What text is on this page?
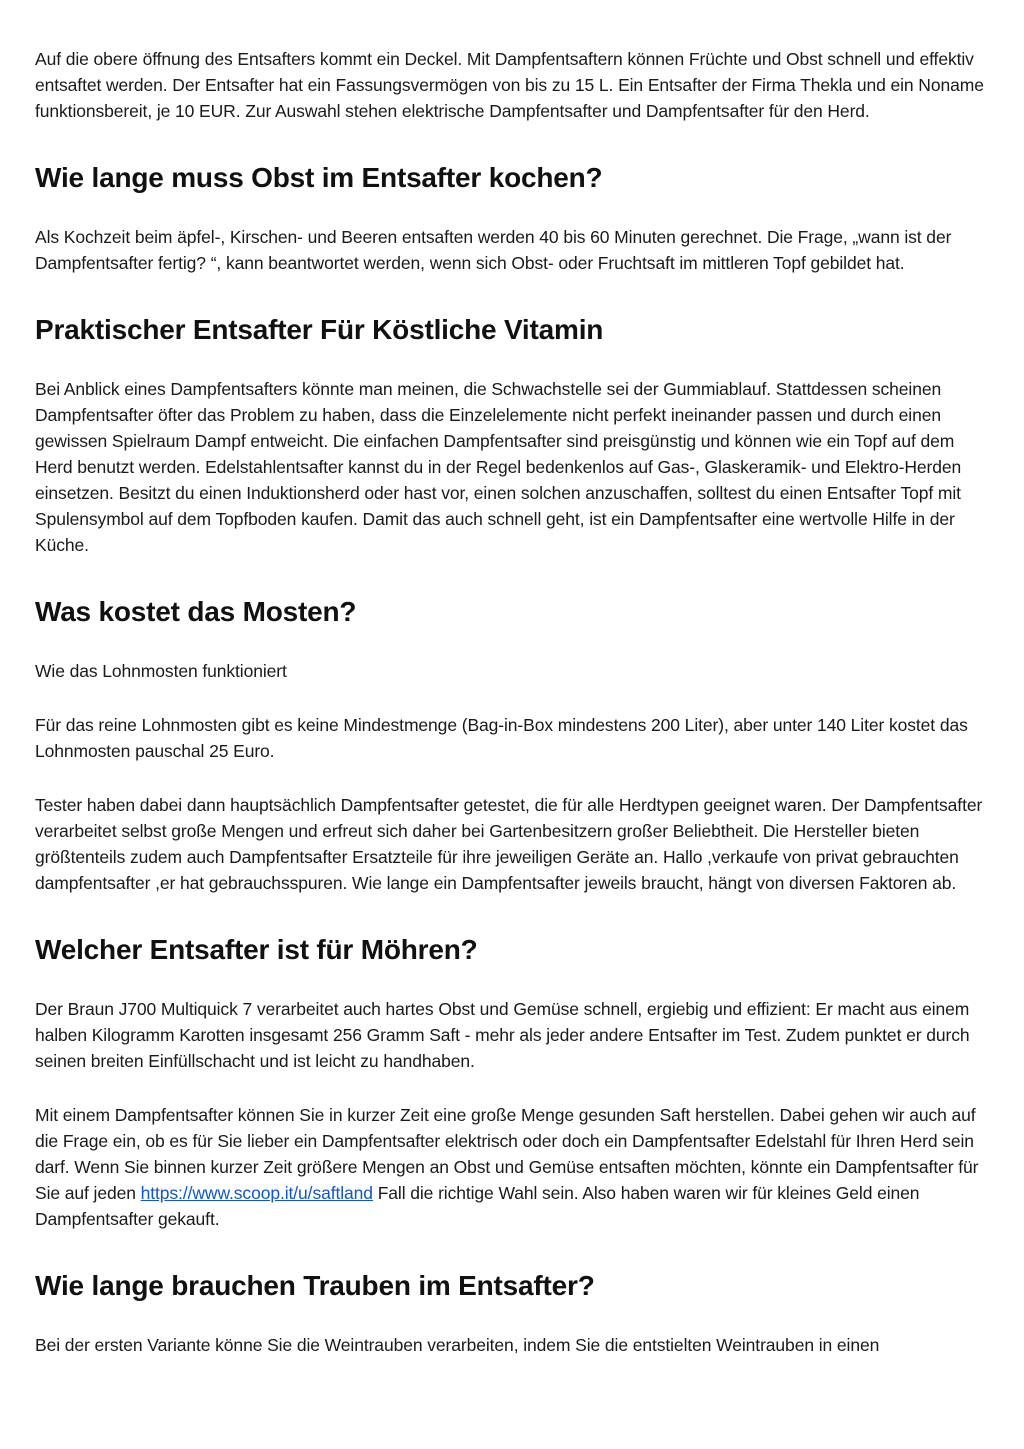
Auf die obere öffnung des Entsafters kommt ein Deckel. Mit Dampfentsaftern können Früchte und Obst schnell und effektiv entsaftet werden. Der Entsafter hat ein Fassungsvermögen von bis zu 15 L. Ein Entsafter der Firma Thekla und ein Noname funktionsbereit, je 10 EUR. Zur Auswahl stehen elektrische Dampfentsafter und Dampfentsafter für den Herd.

Wie lange muss Obst im Entsafter kochen?

Als Kochzeit beim äpfel-, Kirschen- und Beeren entsaften werden 40 bis 60 Minuten gerechnet. Die Frage, „wann ist der Dampfentsafter fertig? “, kann beantwortet werden, wenn sich Obst- oder Fruchtsaft im mittleren Topf gebildet hat.

Praktischer Entsafter Für Köstliche Vitamin

Bei Anblick eines Dampfentsafters könnte man meinen, die Schwachstelle sei der Gummiablauf. Stattdessen scheinen Dampfentsafter öfter das Problem zu haben, dass die Einzelelemente nicht perfekt ineinander passen und durch einen gewissen Spielraum Dampf entweicht. Die einfachen Dampfentsafter sind preisgünstig und können wie ein Topf auf dem Herd benutzt werden. Edelstahlentsafter kannst du in der Regel bedenkenlos auf Gas-, Glaskeramik- und Elektro-Herden einsetzen. Besitzt du einen Induktionsherd oder hast vor, einen solchen anzuschaffen, solltest du einen Entsafter Topf mit Spulensymbol auf dem Topfboden kaufen. Damit das auch schnell geht, ist ein Dampfentsafter eine wertvolle Hilfe in der Küche.

Was kostet das Mosten?

Wie das Lohnmosten funktioniert

Für das reine Lohnmosten gibt es keine Mindestmenge (Bag-in-Box mindestens 200 Liter), aber unter 140 Liter kostet das Lohnmosten pauschal 25 Euro.

Tester haben dabei dann hauptsächlich Dampfentsafter getestet, die für alle Herdtypen geeignet waren. Der Dampfentsafter verarbeitet selbst große Mengen und erfreut sich daher bei Gartenbesitzern großer Beliebtheit. Die Hersteller bieten größtenteils zudem auch Dampfentsafter Ersatzteile für ihre jeweiligen Geräte an. Hallo ,verkaufe von privat gebrauchten dampfentsafter ,er hat gebrauchsspuren. Wie lange ein Dampfentsafter jeweils braucht, hängt von diversen Faktoren ab.

Welcher Entsafter ist für Möhren?

Der Braun J700 Multiquick 7 verarbeitet auch hartes Obst und Gemüse schnell, ergiebig und effizient: Er macht aus einem halben Kilogramm Karotten insgesamt 256 Gramm Saft - mehr als jeder andere Entsafter im Test. Zudem punktet er durch seinen breiten Einfüllschacht und ist leicht zu handhaben.

Mit einem Dampfentsafter können Sie in kurzer Zeit eine große Menge gesunden Saft herstellen. Dabei gehen wir auch auf die Frage ein, ob es für Sie lieber ein Dampfentsafter elektrisch oder doch ein Dampfentsafter Edelstahl für Ihren Herd sein darf. Wenn Sie binnen kurzer Zeit größere Mengen an Obst und Gemüse entsaften möchten, könnte ein Dampfentsafter für Sie auf jeden https://www.scoop.it/u/saftland Fall die richtige Wahl sein. Also haben waren wir für kleines Geld einen Dampfentsafter gekauft.

Wie lange brauchen Trauben im Entsafter?

Bei der ersten Variante könne Sie die Weintrauben verarbeiten, indem Sie die entstielten Weintrauben in einen
